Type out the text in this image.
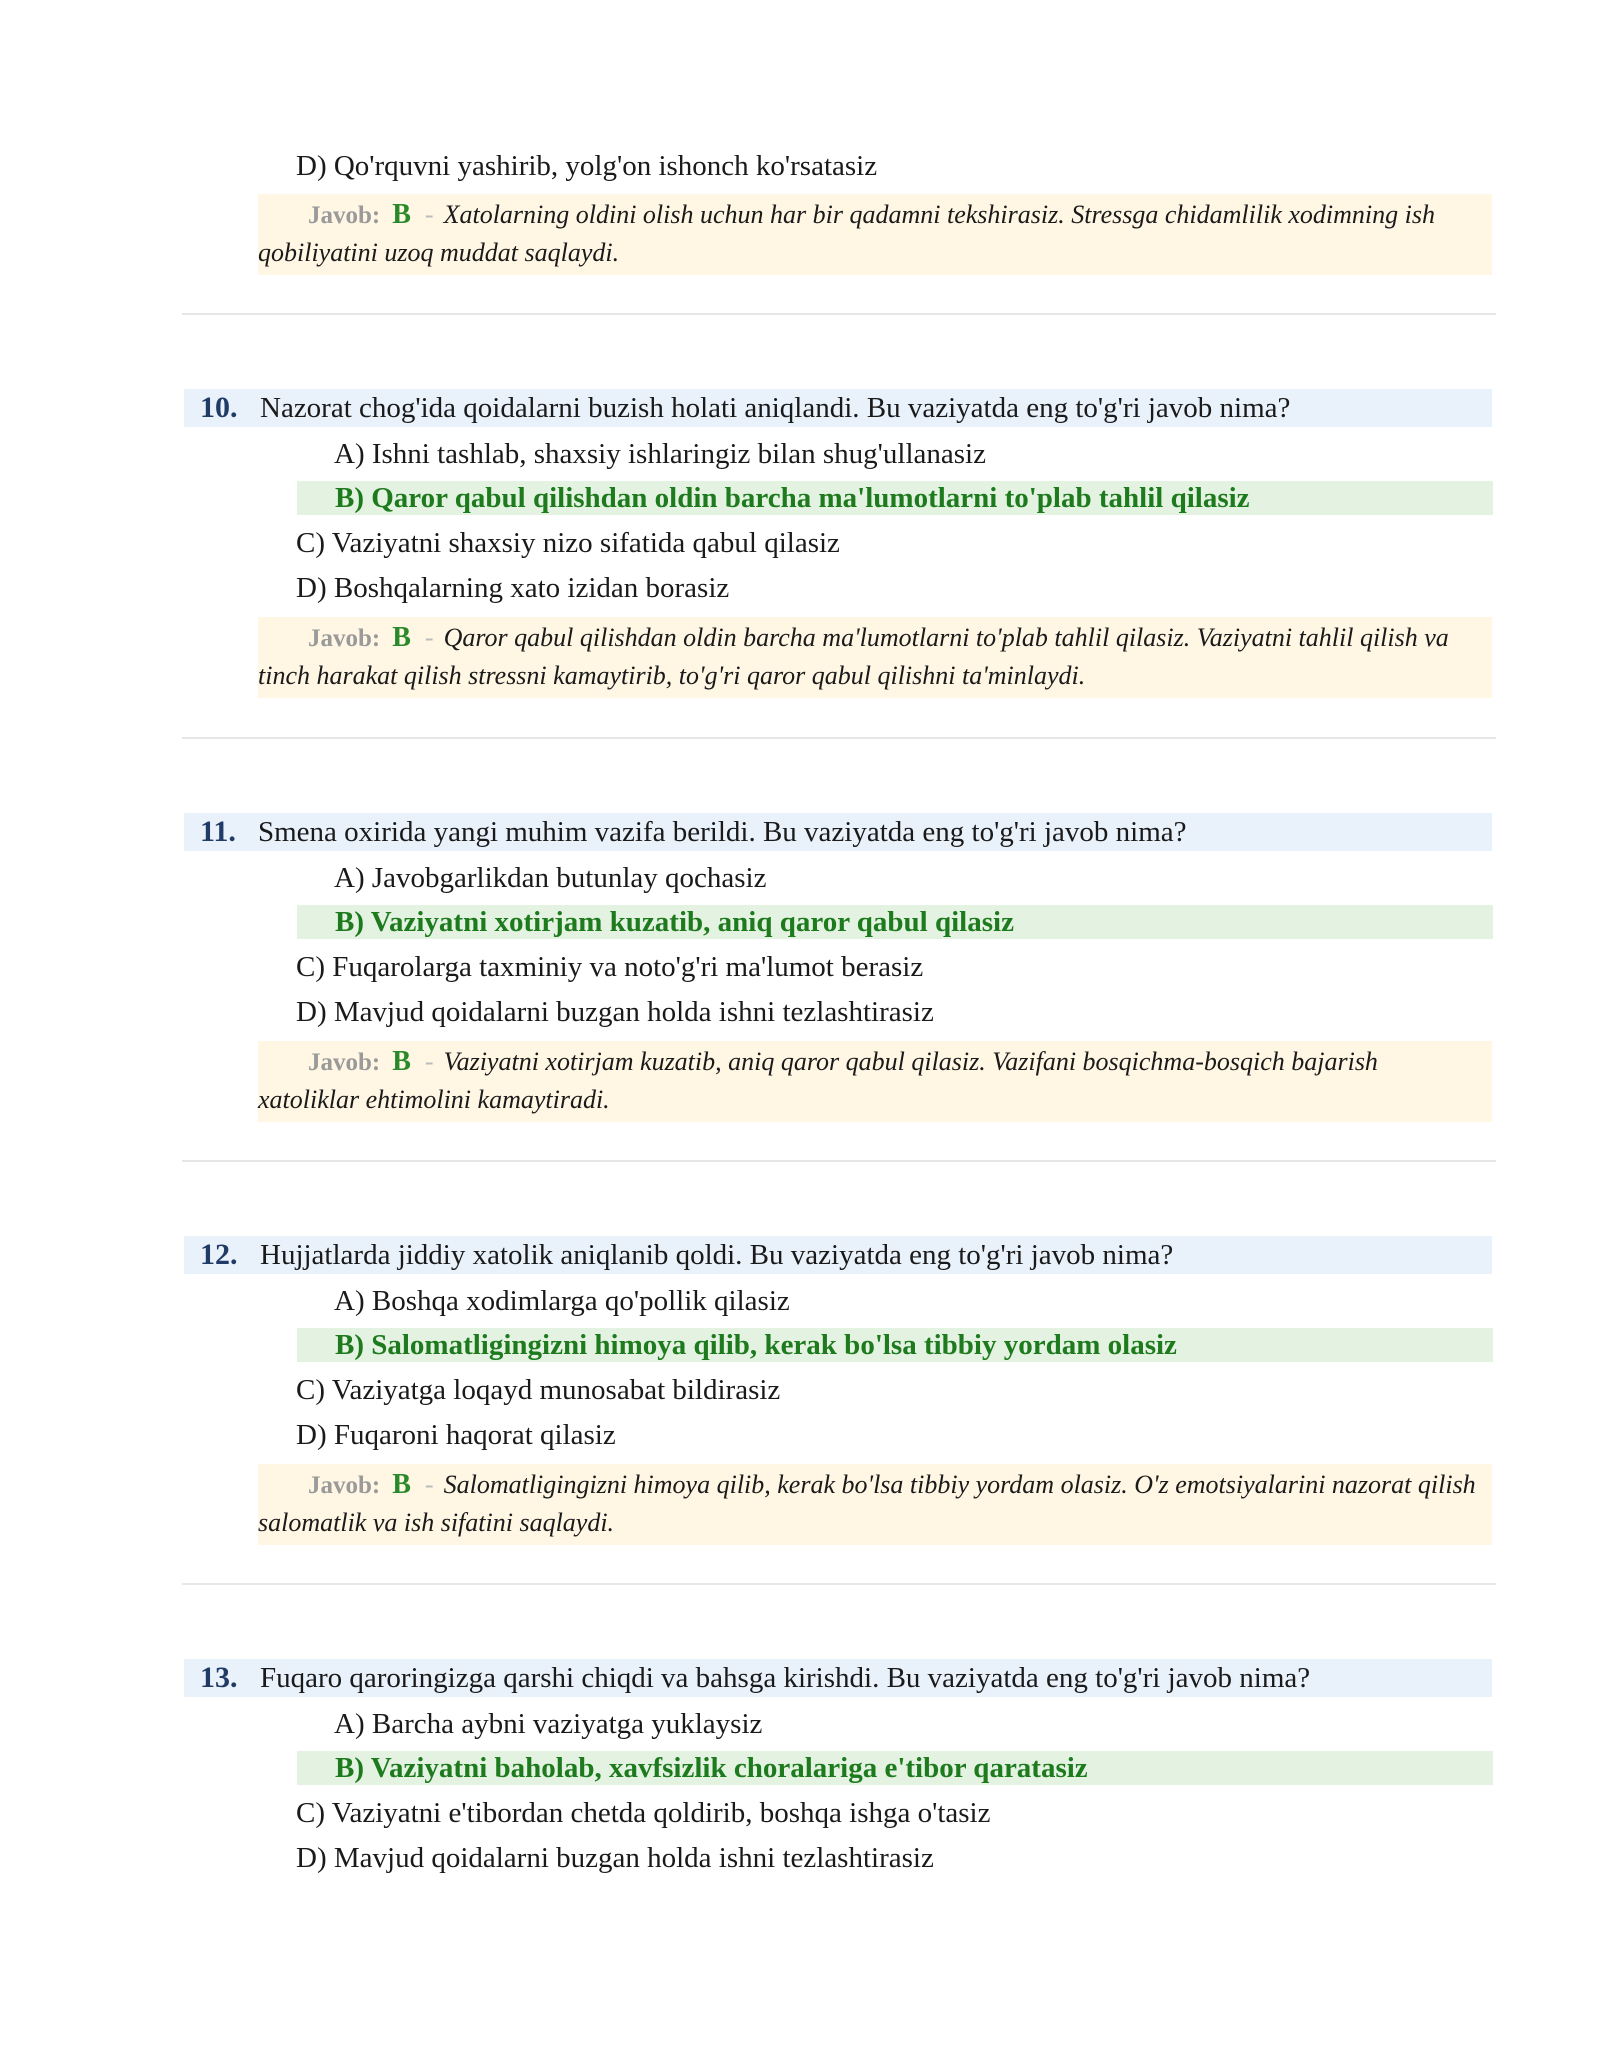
D) Qo'rquvni yashirib, yolg'on ishonch ko'rsatasiz
Javob: B - Xatolarning oldini olish uchun har bir qadamni tekshirasiz. Stressga chidamlilik xodimning ish qobiliyatini uzoq muddat saqlaydi.
10. Nazorat chog'ida qoidalarni buzish holati aniqlandi. Bu vaziyatda eng to'g'ri javob nima?
A) Ishni tashlab, shaxsiy ishlaringiz bilan shug'ullanasiz
B) Qaror qabul qilishdan oldin barcha ma'lumotlarni to'plab tahlil qilasiz
C) Vaziyatni shaxsiy nizo sifatida qabul qilasiz
D) Boshqalarning xato izidan borasiz
Javob: B - Qaror qabul qilishdan oldin barcha ma'lumotlarni to'plab tahlil qilasiz. Vaziyatni tahlil qilish va tinch harakat qilish stressni kamaytirib, to'g'ri qaror qabul qilishni ta'minlaydi.
11. Smena oxirida yangi muhim vazifa berildi. Bu vaziyatda eng to'g'ri javob nima?
A) Javobgarlikdan butunlay qochasiz
B) Vaziyatni xotirjam kuzatib, aniq qaror qabul qilasiz
C) Fuqarolarga taxminiy va noto'g'ri ma'lumot berasiz
D) Mavjud qoidalarni buzgan holda ishni tezlashtirasiz
Javob: B - Vaziyatni xotirjam kuzatib, aniq qaror qabul qilasiz. Vazifani bosqichma-bosqich bajarish xatoliklar ehtimolini kamaytiradi.
12. Hujjatlarda jiddiy xatolik aniqlanib qoldi. Bu vaziyatda eng to'g'ri javob nima?
A) Boshqa xodimlarga qo'pollik qilasiz
B) Salomatligingizni himoya qilib, kerak bo'lsa tibbiy yordam olasiz
C) Vaziyatga loqayd munosabat bildirasiz
D) Fuqaroni haqorat qilasiz
Javob: B - Salomatligingizni himoya qilib, kerak bo'lsa tibbiy yordam olasiz. O'z emotsiyalarini nazorat qilish salomatlik va ish sifatini saqlaydi.
13. Fuqaro qaroringizga qarshi chiqdi va bahsga kirishdi. Bu vaziyatda eng to'g'ri javob nima?
A) Barcha aybni vaziyatga yuklaysiz
B) Vaziyatni baholab, xavfsizlik choralariga e'tibor qaratasiz
C) Vaziyatni e'tibordan chetda qoldirib, boshqa ishga o'tasiz
D) Mavjud qoidalarni buzgan holda ishni tezlashtirasiz
